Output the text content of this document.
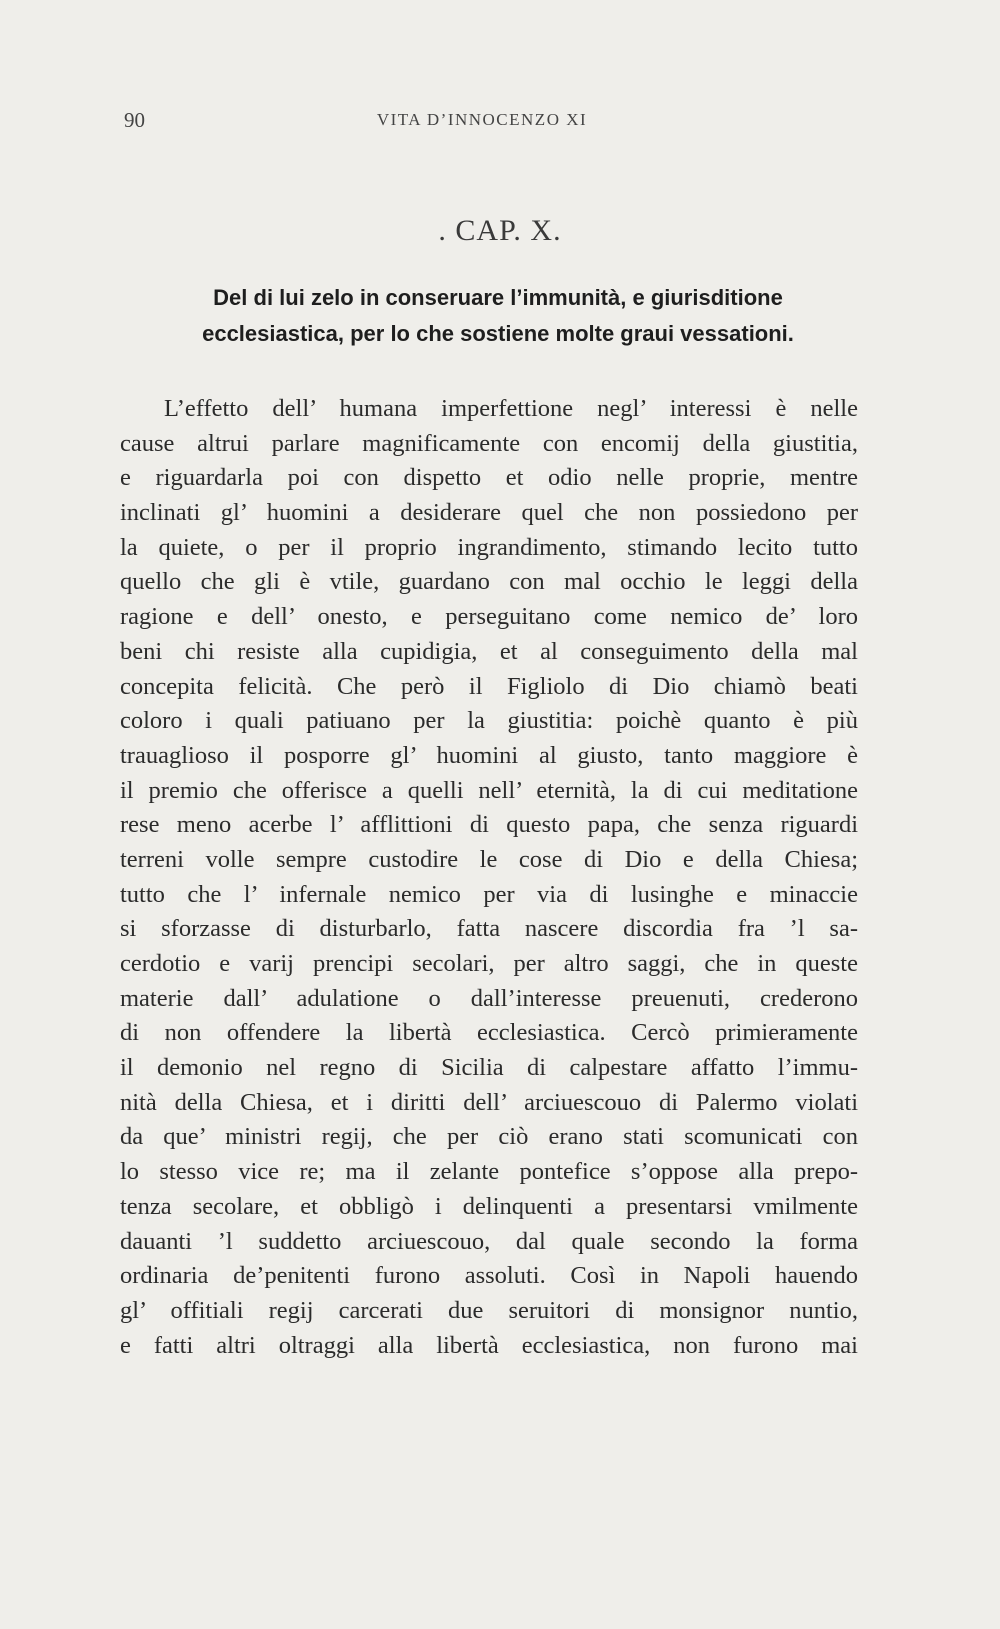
90	VITA D’INNOCENZO XI
. CAP. X.
Del di lui zelo in conseruare l’immunità, e giurisditione
ecclesiastica, per lo che sostiene molte graui vessationi.
L’effetto dell’ humana imperfettione negl’ interessi è nelle
cause altrui parlare magnificamente con encomij della giustitia,
e riguardarla poi con dispetto et odio nelle proprie, mentre
inclinati gl’ huomini a desiderare quel che non possiedono per
la quiete, o per il proprio ingrandimento, stimando lecito tutto
quello che gli è vtile, guardano con mal occhio le leggi della
ragione e dell’ onesto, e perseguitano come nemico de’ loro
beni chi resiste alla cupidigia, et al conseguimento della mal
concepita felicità. Che però il Figliolo di Dio chiamò beati
coloro i quali patiuano per la giustitia: poichè quanto è più
trauaglioso il posporre gl’ huomini al giusto, tanto maggiore è
il premio che offerisce a quelli nell’ eternità, la di cui meditatione
rese meno acerbe l’ afflittioni di questo papa, che senza riguardi
terreni volle sempre custodire le cose di Dio e della Chiesa;
tutto che l’ infernale nemico per via di lusinghe e minaccie
si sforzasse di disturbarlo, fatta nascere discordia fra ’l sa-
cerdotio e varij prencipi secolari, per altro saggi, che in queste
materie dall’ adulatione o dall’interesse preuenuti, crederono
di non offendere la libertà ecclesiastica. Cercò primieramente
il demonio nel regno di Sicilia di calpestare affatto l’immu-
nità della Chiesa, et i diritti dell’ arciuescouo di Palermo violati
da que’ ministri regij, che per ciò erano stati scomunicati con
lo stesso vice re; ma il zelante pontefice s’oppose alla prepo-
tenza secolare, et obbligò i delinquenti a presentarsi vmilmente
dauanti ’l suddetto arciuescouo, dal quale secondo la forma
ordinaria de’penitenti furono assoluti. Così in Napoli hauendo
gl’ offitiali regij carcerati due seruitori di monsignor nuntio,
e fatti altri oltraggi alla libertà ecclesiastica, non furono mai
